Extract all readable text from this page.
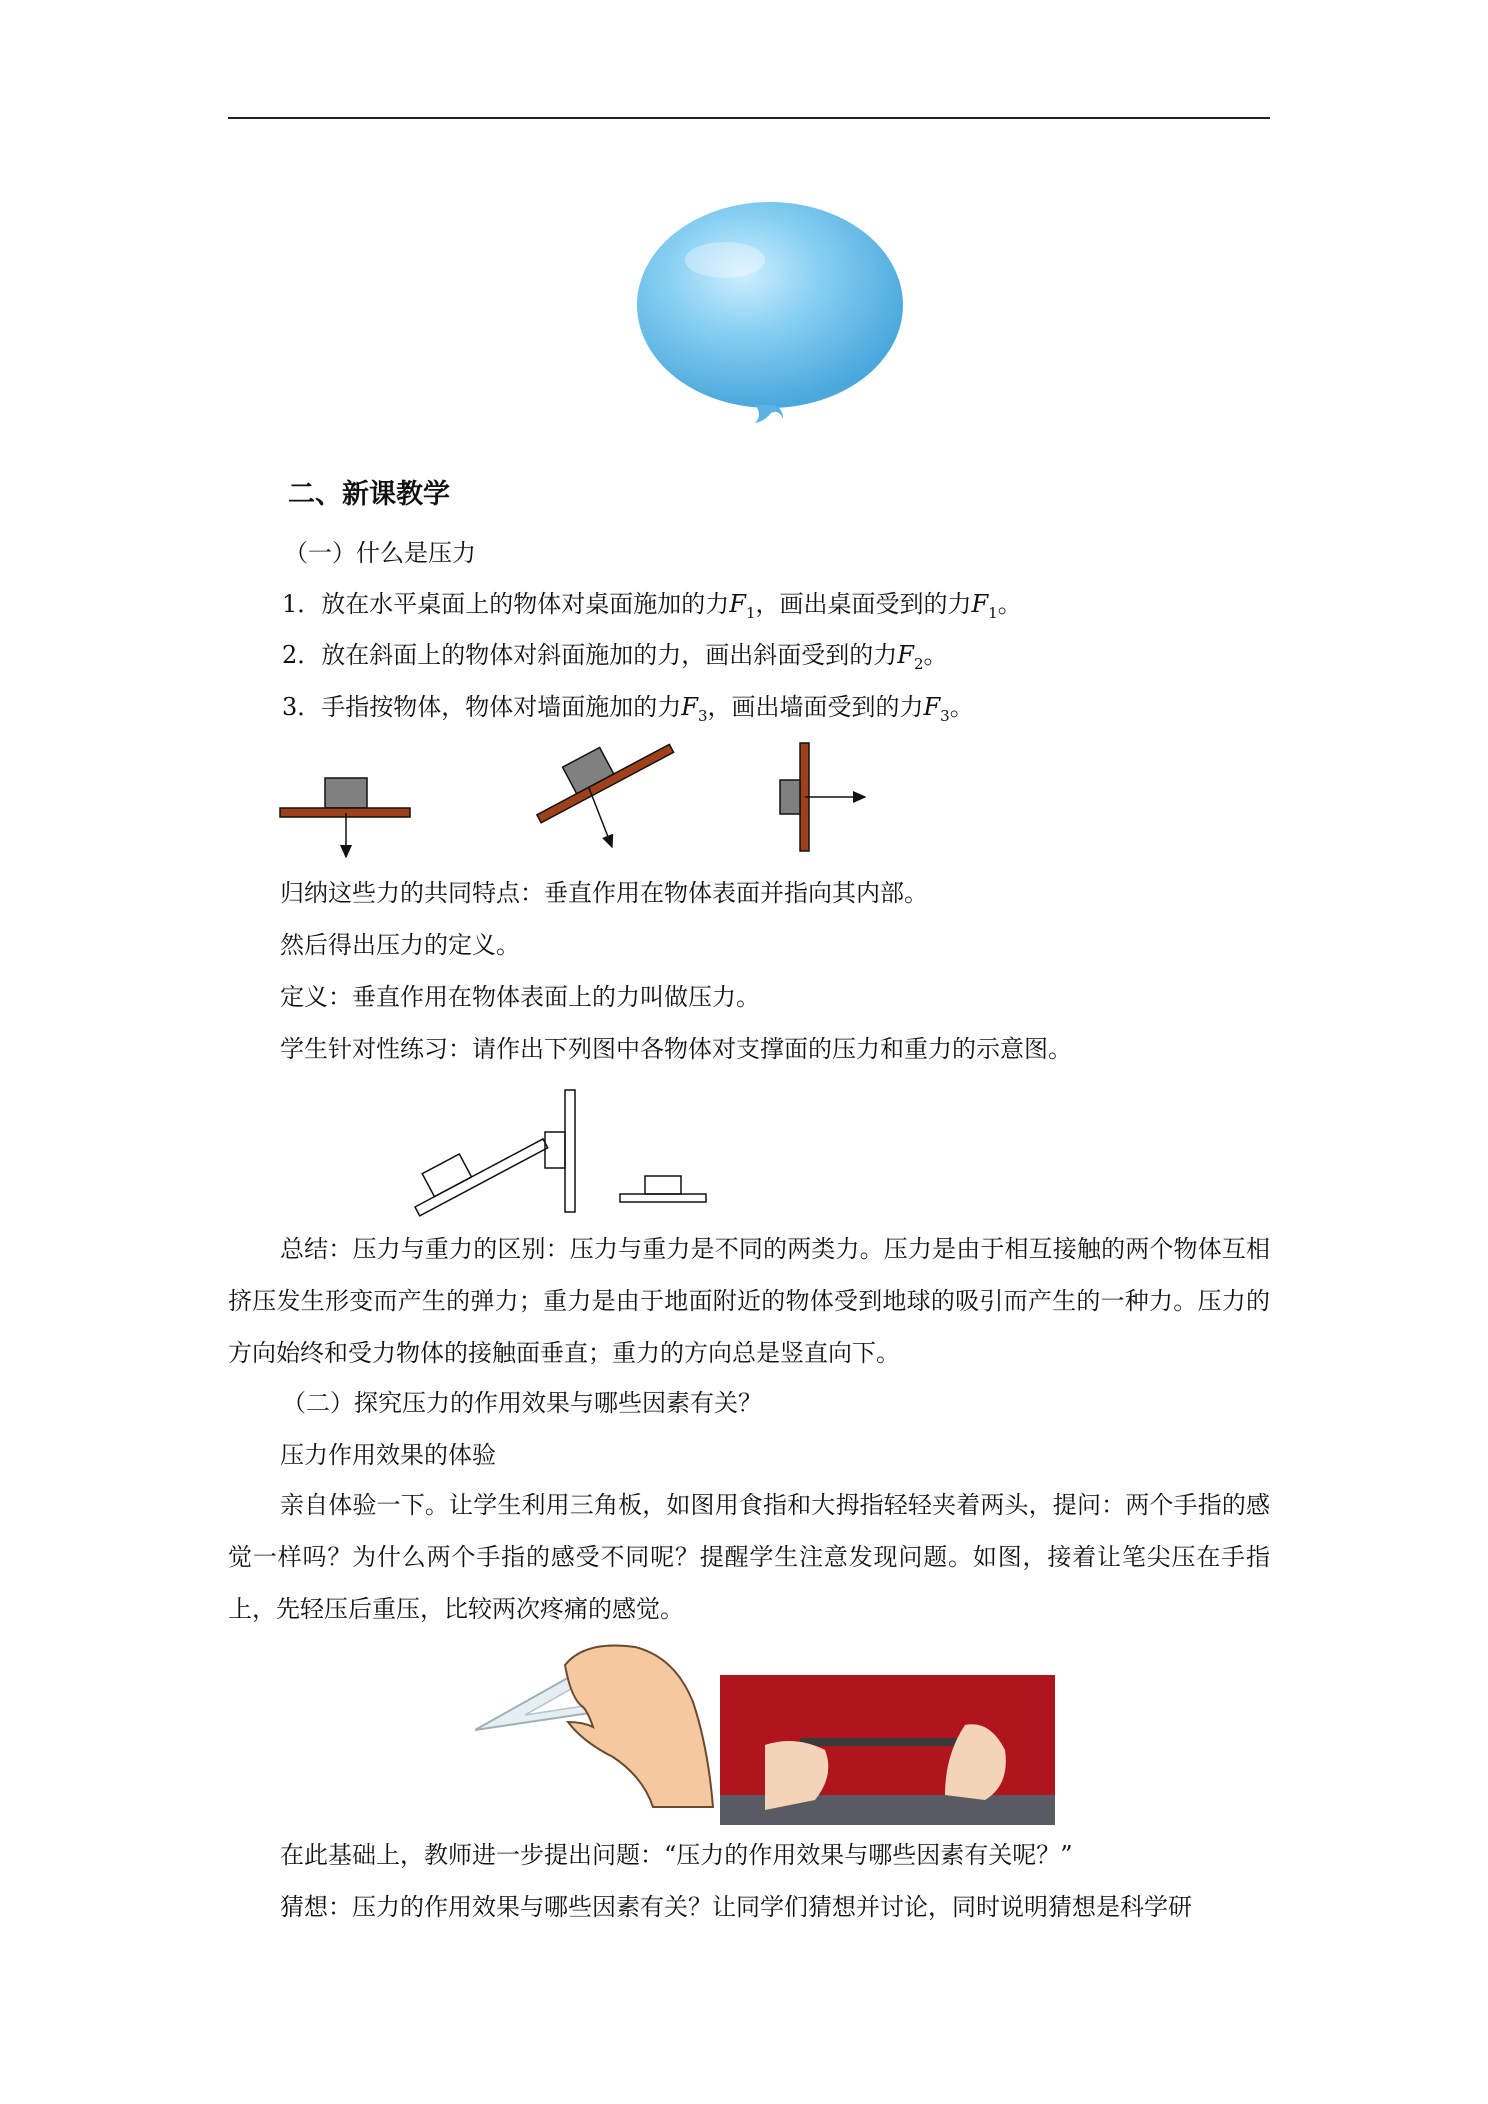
二、新课教学
（一）什么是压力
1．放在水平桌面上的物体对桌面施加的力$F_1$，画出桌面受到的力$F_1$。
2．放在斜面上的物体对斜面施加的力，画出斜面受到的力$F_2$。
3．手指按物体，物体对墙面施加的力$F_3$，画出墙面受到的力$F_3$。
归纳这些力的共同特点：垂直作用在物体表面并指向其内部。
然后得出压力的定义。
定义：垂直作用在物体表面上的力叫做压力。
学生针对性练习：请作出下列图中各物体对支撑面的压力和重力的示意图。
总结：压力与重力的区别：压力与重力是不同的两类力。压力是由于相互接触的两个物体互相挤压发生形变而产生的弹力；重力是由于地面附近的物体受到地球的吸引而产生的一种力。压力的方向始终和受力物体的接触面垂直；重力的方向总是竖直向下。
（二）探究压力的作用效果与哪些因素有关？
压力作用效果的体验
亲自体验一下。让学生利用三角板，如图用食指和大拇指轻轻夹着两头，提问：两个手指的感觉一样吗？为什么两个手指的感受不同呢？提醒学生注意发现问题。如图，接着让笔尖压在手指上，先轻压后重压，比较两次疼痛的感觉。
在此基础上，教师进一步提出问题：“压力的作用效果与哪些因素有关呢？”
猜想：压力的作用效果与哪些因素有关？让同学们猜想并讨论，同时说明猜想是科学研
